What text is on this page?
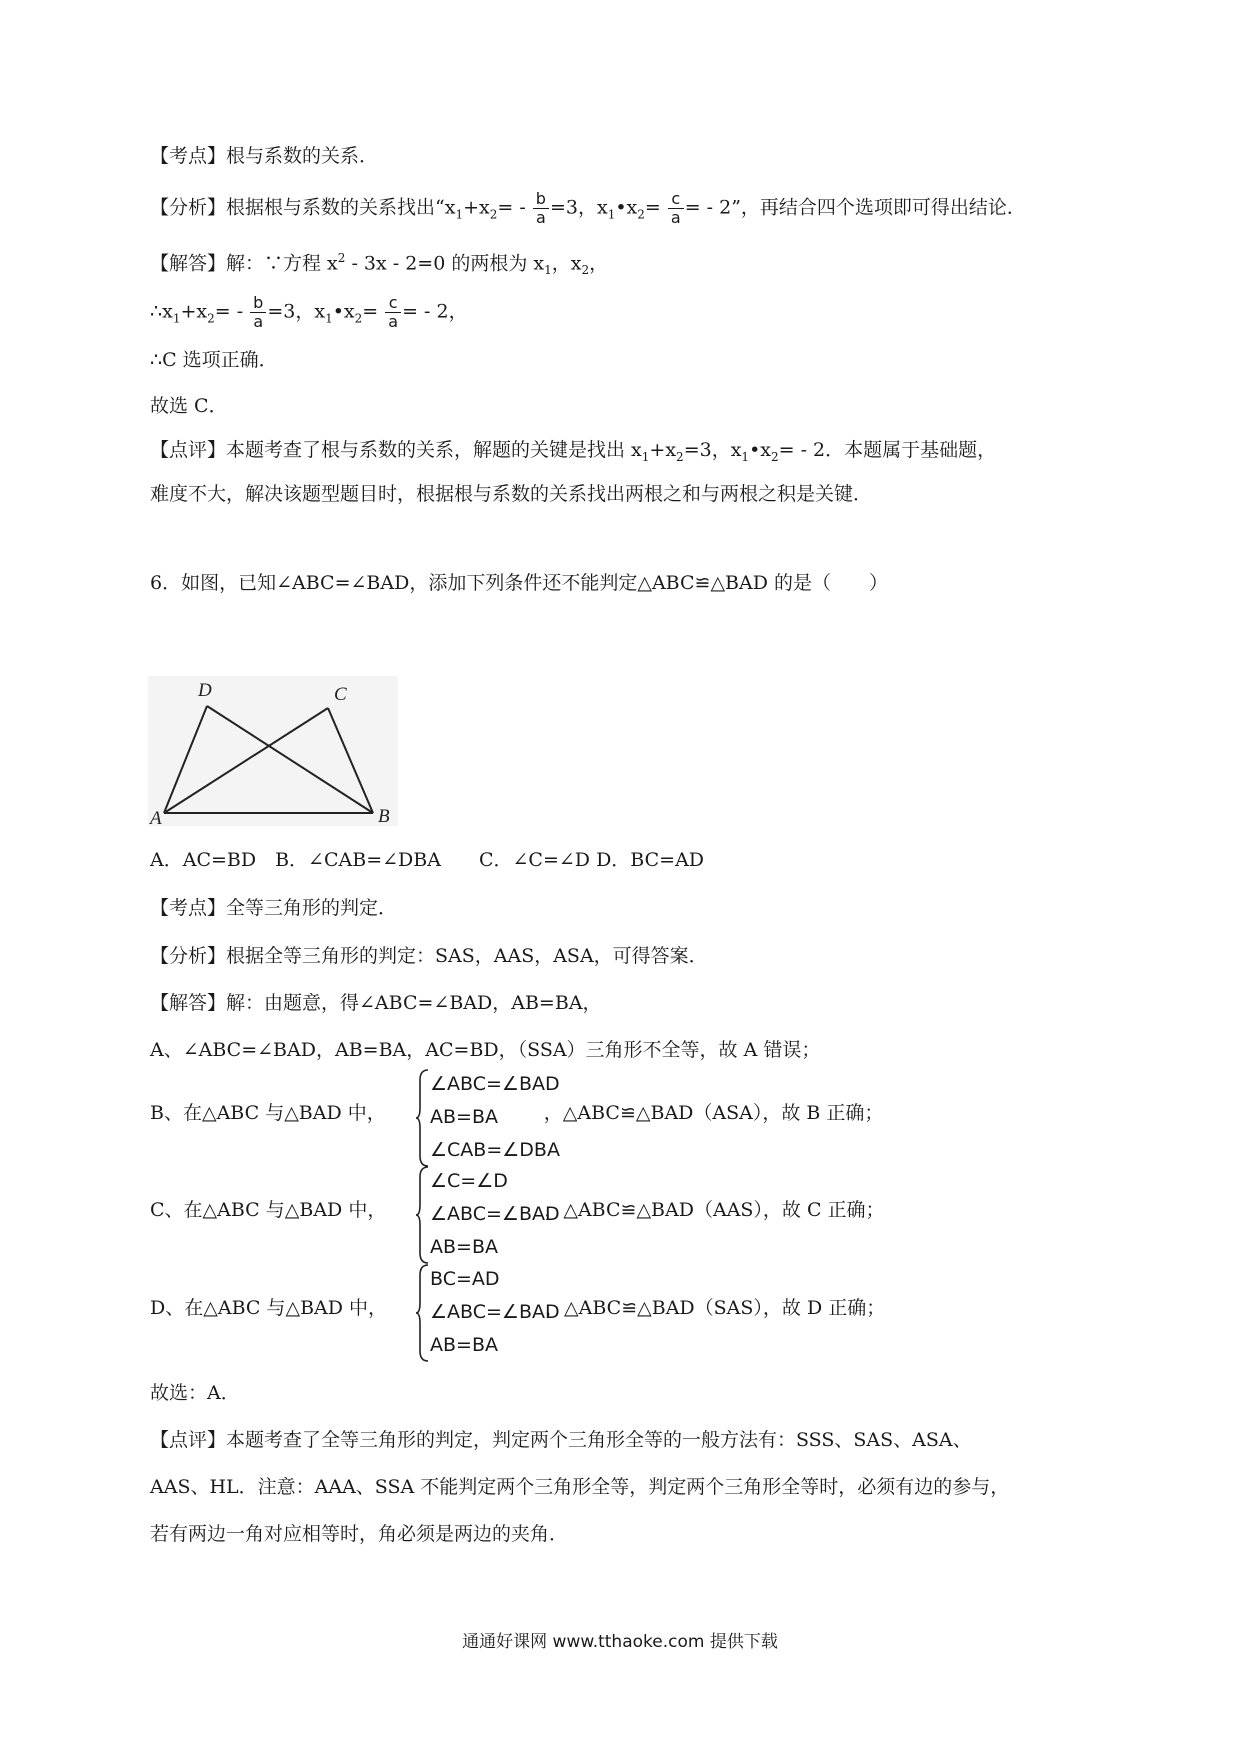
【考点】根与系数的关系．
【分析】根据根与系数的关系找出“$x_1+x_2= - \frac{b}{a} =3$，$x_1•x_2= \frac{c}{a}$ = - 2”，再结合四个选项即可得出结论．
【解答】解：∵方程 $x^2 - 3x - 2=0$ 的两根为 $x_1$，$x_2$，
$\therefore x_1+x_2= - \frac{b}{a} =3$，$x_1•x_2= \frac{c}{a}$ = - 2，
∴C 选项正确．
故选 C．
【点评】本题考查了根与系数的关系，解题的关键是找出 $x_1+x_2=3$，$x_1•x_2= - 2$．本题属于基础题，
难度不大，解决该题型题目时，根据根与系数的关系找出两根之和与两根之积是关键．
6．如图，已知∠ABC=∠BAD，添加下列条件还不能判定△ABC≌△BAD 的是（　　）
A	B
C
D
A．AC=BD　B．∠CAB=∠DBA　　C．∠C=∠D D．BC=AD
【考点】全等三角形的判定．
【分析】根据全等三角形的判定：SAS，AAS，ASA，可得答案．
【解答】解：由题意，得∠ABC=∠BAD，AB=BA，
A、∠ABC=∠BAD，AB=BA，AC=BD，（SSA）三角形不全等，故 A 错误；
B、在△ABC 与△BAD 中，	，△ABC≌△BAD（ASA），故 B 正确；
∠ABC=∠BAD
AB=BA
∠CAB=∠DBA
C、在△ABC 与△BAD 中，	，△ABC≌△BAD（AAS），故 C 正确；
∠C=∠D
∠ABC=∠BAD
AB=BA
D、在△ABC 与△BAD 中，	，△ABC≌△BAD（SAS），故 D 正确；
BC=AD
∠ABC=∠BAD
AB=BA
故选：A．
【点评】本题考查了全等三角形的判定，判定两个三角形全等的一般方法有：SSS、SAS、ASA、
AAS、HL．注意：AAA、SSA 不能判定两个三角形全等，判定两个三角形全等时，必须有边的参与，
若有两边一角对应相等时，角必须是两边的夹角．
通通好课网 www.tthaoke.com 提供下载
